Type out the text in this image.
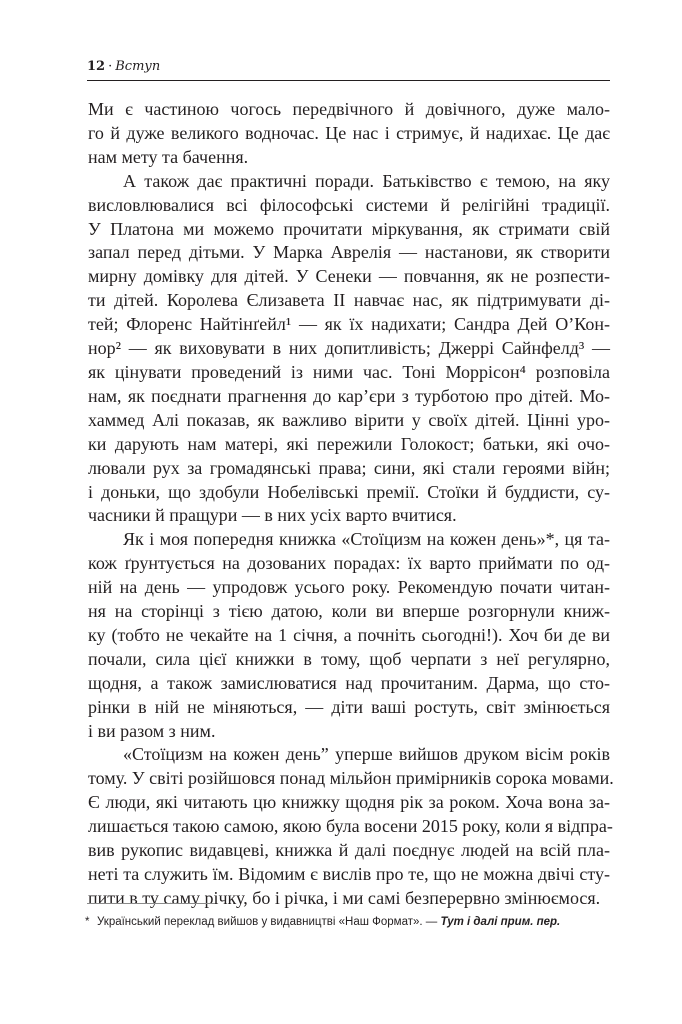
12 · Вступ
Ми є частиною чогось передвічного й довічного, дуже мало-
го й дуже великого водночас. Це нас і стримує, й надихає. Це дає
нам мету та бачення.
А також дає практичні поради. Батьківство є темою, на яку
висловлювалися всі філософські системи й релігійні традиції.
У Платона ми можемо прочитати міркування, як стримати свій
запал перед дітьми. У Марка Аврелія — настанови, як створити
мирну домівку для дітей. У Сенеки — повчання, як не розпести-
ти дітей. Королева Єлизавета II навчає нас, як підтримувати ді-
тей; Флоренс Найтінґейл¹ — як їх надихати; Сандра Дей О’Кон-
нор² — як виховувати в них допитливість; Джеррі Сайнфелд³ —
як цінувати проведений із ними час. Тоні Моррісон⁴ розповіла
нам, як поєднати прагнення до кар’єри з турботою про дітей. Мо-
хаммед Алі показав, як важливо вірити у своїх дітей. Цінні уро-
ки дарують нам матері, які пережили Голокост; батьки, які очо-
лювали рух за громадянські права; сини, які стали героями війн;
і доньки, що здобули Нобелівські премії. Стоїки й буддисти, су-
часники й пращури — в них усіх варто вчитися.
Як і моя попередня книжка «Стоїцизм на кожен день»*, ця та-
кож ґрунтується на дозованих порадах: їх варто приймати по од-
ній на день — упродовж усього року. Рекомендую почати читан-
ня на сторінці з тією датою, коли ви вперше розгорнули книж-
ку (тобто не чекайте на 1 січня, а почніть сьогодні!). Хоч би де ви
почали, сила цієї книжки в тому, щоб черпати з неї регулярно,
щодня, а також замислюватися над прочитаним. Дарма, що сто-
рінки в ній не міняються, — діти ваші ростуть, світ змінюється
і ви разом з ним.
«Стоїцизм на кожен день” уперше вийшов друком вісім років
тому. У світі розійшовся понад мільйон примірників сорока мовами.
Є люди, які читають цю книжку щодня рік за роком. Хоча вона за-
лишається такою самою, якою була восени 2015 року, коли я відпра-
вив рукопис видавцеві, книжка й далі поєднує людей на всій пла-
неті та служить їм. Відомим є вислів про те, що не можна двічі сту-
пити в ту саму річку, бо і річка, і ми самі безперервно змінюємося.
* Український переклад вийшов у видавництві «Наш Формат». — Тут і далі прим. пер.
